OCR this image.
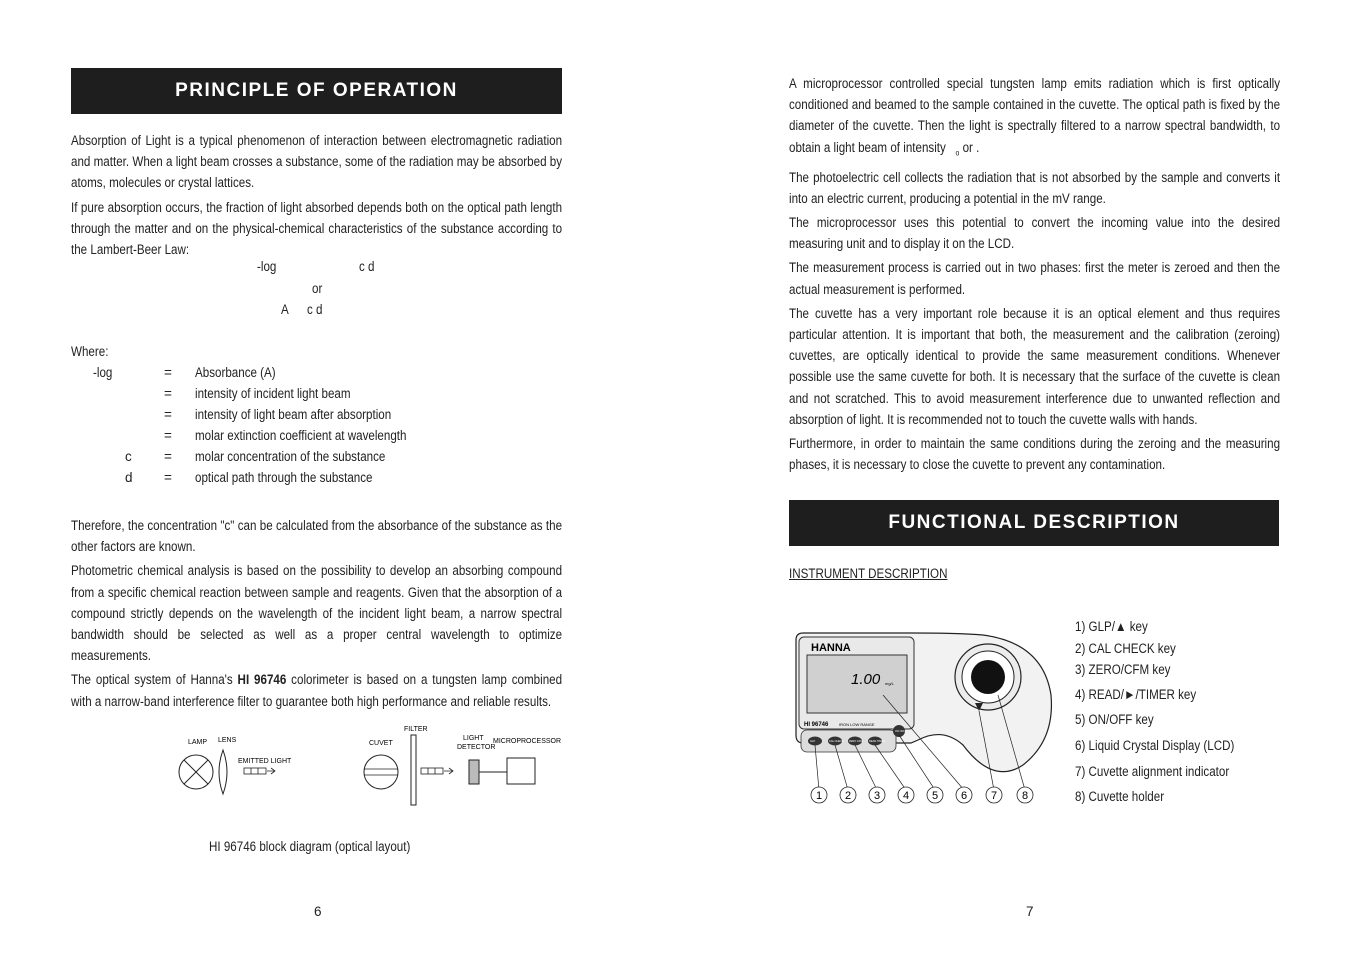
PRINCIPLE OF OPERATION

Absorption of Light is a typical phenomenon of interaction between electromagnetic radiation and matter. When a light beam crosses a substance, some of the radiation may be absorbed by atoms, molecules or crystal lattices.

If pure absorption occurs, the fraction of light absorbed depends both on the optical path length through the matter and on the physical-chemical characteristics of the substance according to the Lambert-Beer Law:

-log	c d
or
A c d
Where:
-log	= Absorbance (A)
= intensity of incident light beam
= intensity of light beam after absorption
= molar extinction coefficient at wavelength
c = molar concentration of the substance
d = optical path through the substance

Therefore, the concentration "c" can be calculated from the absorbance of the substance as the other factors are known.

Photometric chemical analysis is based on the possibility to develop an absorbing compound from a specific chemical reaction between sample and reagents. Given that the absorption of a compound strictly depends on the wavelength of the incident light beam, a narrow spectral bandwidth should be selected as well as a proper central wavelength to optimize measurements.

The optical system of Hanna's HI 96746 colorimeter is based on a tungsten lamp combined with a narrow-band interference filter to guarantee both high performance and reliable results.

LAMP LENS
EMITTED LIGHT
CUVET
FILTER
LIGHT
DETECTOR
MICROPROCESSOR
HI 96746 block diagram (optical layout)
6

A microprocessor controlled special tungsten lamp emits radiation which is first optically conditioned and beamed to the sample contained in the cuvette. The optical path is fixed by the diameter of the cuvette. Then the light is spectrally filtered to a narrow spectral bandwidth, to obtain a light beam of intensity $_o$ or .

The photoelectric cell collects the radiation that is not absorbed by the sample and converts it into an electric current, producing a potential in the mV range.

The microprocessor uses this potential to convert the incoming value into the desired measuring unit and to display it on the LCD.

The measurement process is carried out in two phases: first the meter is zeroed and then the actual measurement is performed.

The cuvette has a very important role because it is an optical element and thus requires particular attention. It is important that both, the measurement and the calibration (zeroing) cuvettes, are optically identical to provide the same measurement conditions. Whenever possible use the same cuvette for both. It is necessary that the surface of the cuvette is clean and not scratched. This to avoid measurement interference due to unwanted reflection and absorption of light. It is recommended not to touch the cuvette walls with hands.

Furthermore, in order to maintain the same conditions during the zeroing and the measuring phases, it is necessary to close the cuvette to prevent any contamination.

FUNCTIONAL DESCRIPTION
INSTRUMENT DESCRIPTION
HANNA
1.00 mg/L
HI 96746	IRON LOW RANGE
GLP	CAL CHECK ZERO CFM READ TIMER
ON OFF
1 2 3 4 5 6 7 8
1) GLP/▲ key
2) CAL CHECK key
3) ZERO/CFM key
4) READ/►/TIMER key
5) ON/OFF key
6) Liquid Crystal Display (LCD)
7) Cuvette alignment indicator
8) Cuvette holder
7
